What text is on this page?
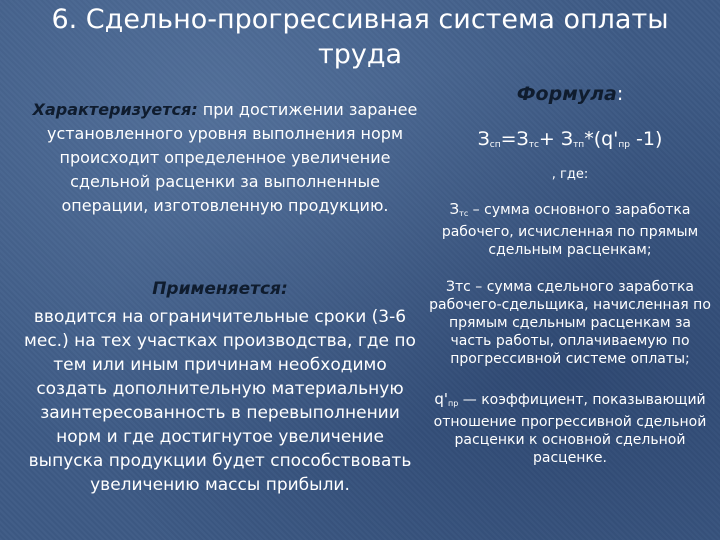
6. Сдельно-прогрессивная система оплаты
труда
Характеризуется: при достижении заранее установленного уровня выполнения норм происходит определенное увеличение сдельной расценки за выполненные операции, изготовленную продукцию.
Применяется:
вводится на ограничительные сроки (3-6 мес.) на тех участках производства, где по тем или иным причинам необходимо создать дополнительную материальную заинтересованность в перевыполнении норм и где достигнутое увеличение выпуска продукции будет способствовать увеличению массы прибыли.
Формула:
$З_{сп}=З_{тс}+ З_{тп}*(q'_{пр}$ -1)
, где:
$З_{тс}$ – сумма основного заработка рабочего, исчисленная по прямым сдельным расценкам;
Зтс – сумма сдельного заработка рабочего-сдельщика, начисленная по прямым сдельным расценкам за часть работы, оплачиваемую по прогрессивной системе оплаты;
$q'_{пр}$ — коэффициент, показывающий отношение прогрессивной сдельной расценки к основной сдельной расценке.
